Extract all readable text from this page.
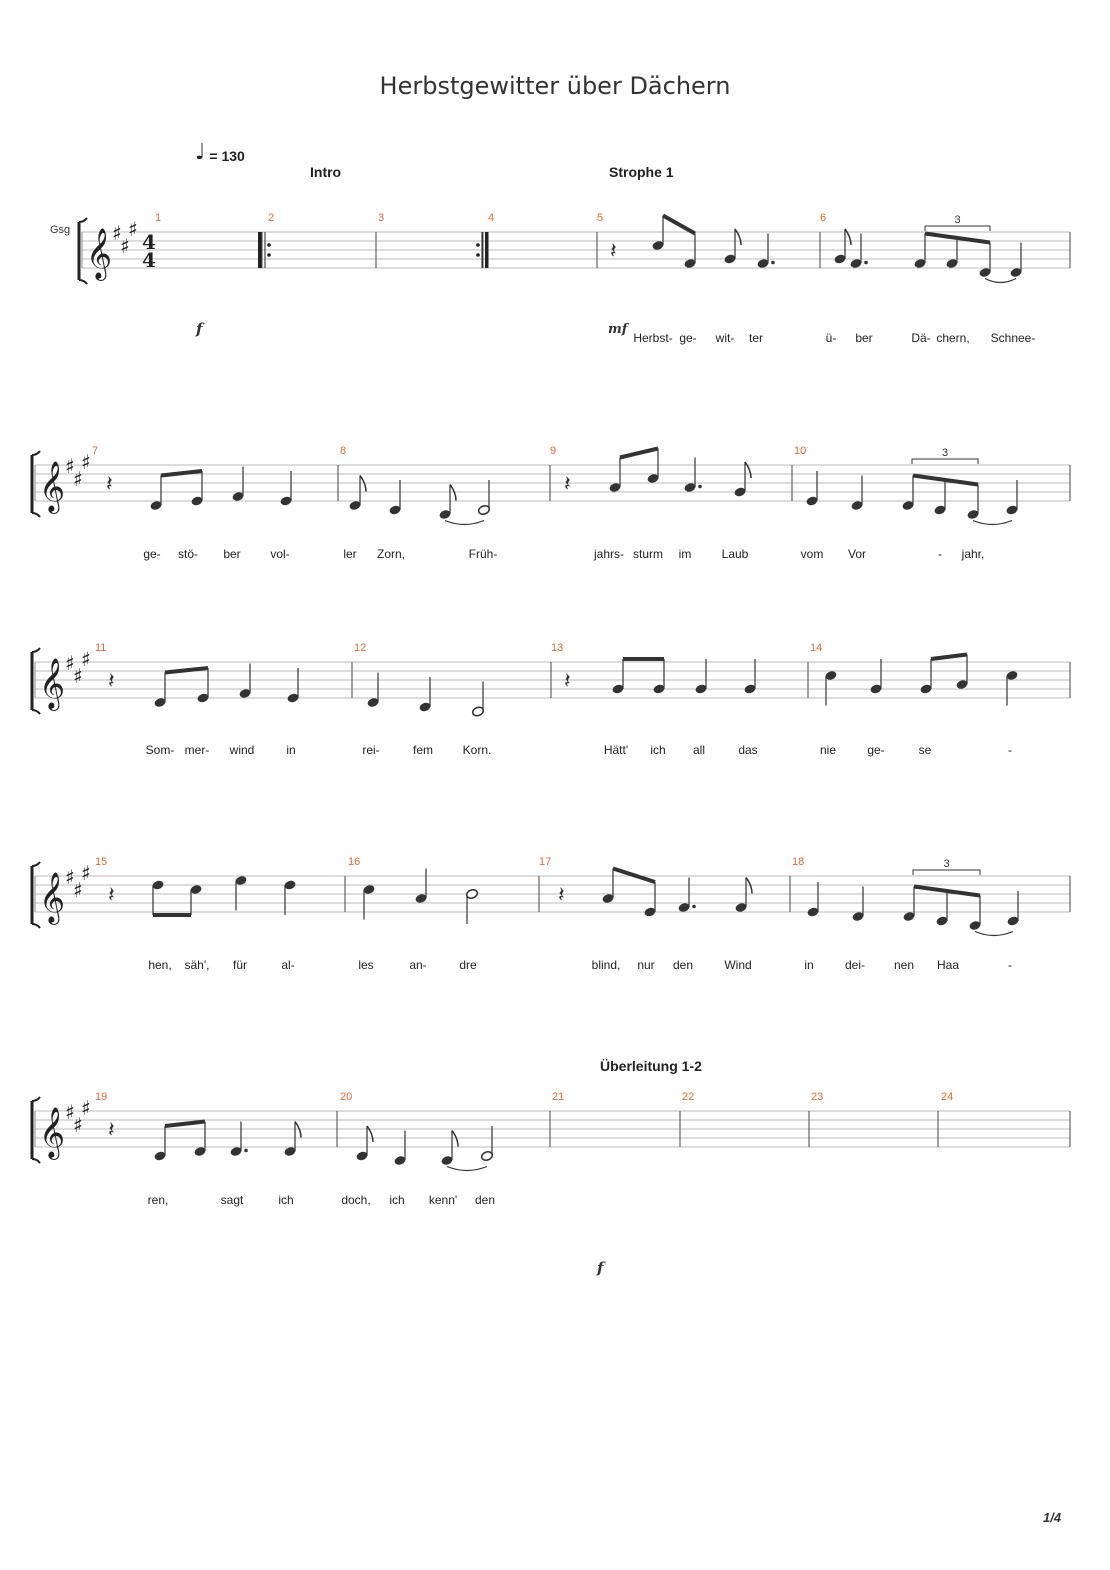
Herbstgewitter über Dächern
♩ = 130
Gsg
Intro	Strophe 1
Überleitung 1-2
f	mf
f
1	2	3	4	5	6
7	8	9	10
11	12	13	14
15	16	17	18
19	20	21	22	23	24
Herbst- ge- wit- ter	ü- ber	Dä- chern, Schnee-
ge- stö- ber vol-	ler Zorn,	Früh-	jahrs- sturm im	Laub	vom Vor	- jahr,
Som- mer- wind	in	rei-	fem Korn.	Hätt' ich all	das	nie	ge-	se	-
hen, säh', für	al-	les	an-	dre	blind, nur den	Wind	in	dei- nen Haa	-
ren,	sagt	ich	doch, ich kenn' den
𝄞 ♯
♯
♯
4
4
𝄞 ♯
♯
♯
𝄞 ♯
♯
♯
𝄞 ♯
♯
♯
𝄞 ♯
♯
♯
𝄽
3
𝄽	𝄽
3
𝄽	𝄽
𝄽	𝄽
3
𝄽
1/4
